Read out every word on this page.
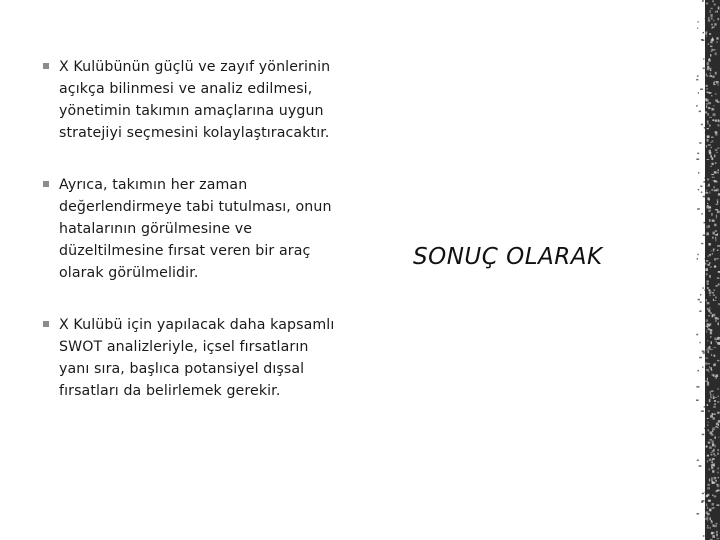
X Kulübünün güçlü ve zayıf yönlerinin açıkça bilinmesi ve analiz edilmesi, yönetimin takımın amaçlarına uygun stratejiyi seçmesini kolaylaştıracaktır.
Ayrıca, takımın her zaman değerlendirmeye tabi tutulması, onun hatalarının görülmesine ve düzeltilmesine fırsat veren bir araç olarak görülmelidir.
X Kulübü için yapılacak daha kapsamlı SWOT analizleriyle, içsel fırsatların yanı sıra, başlıca potansiyel dışsal fırsatları da belirlemek gerekir.
SONUÇ OLARAK
